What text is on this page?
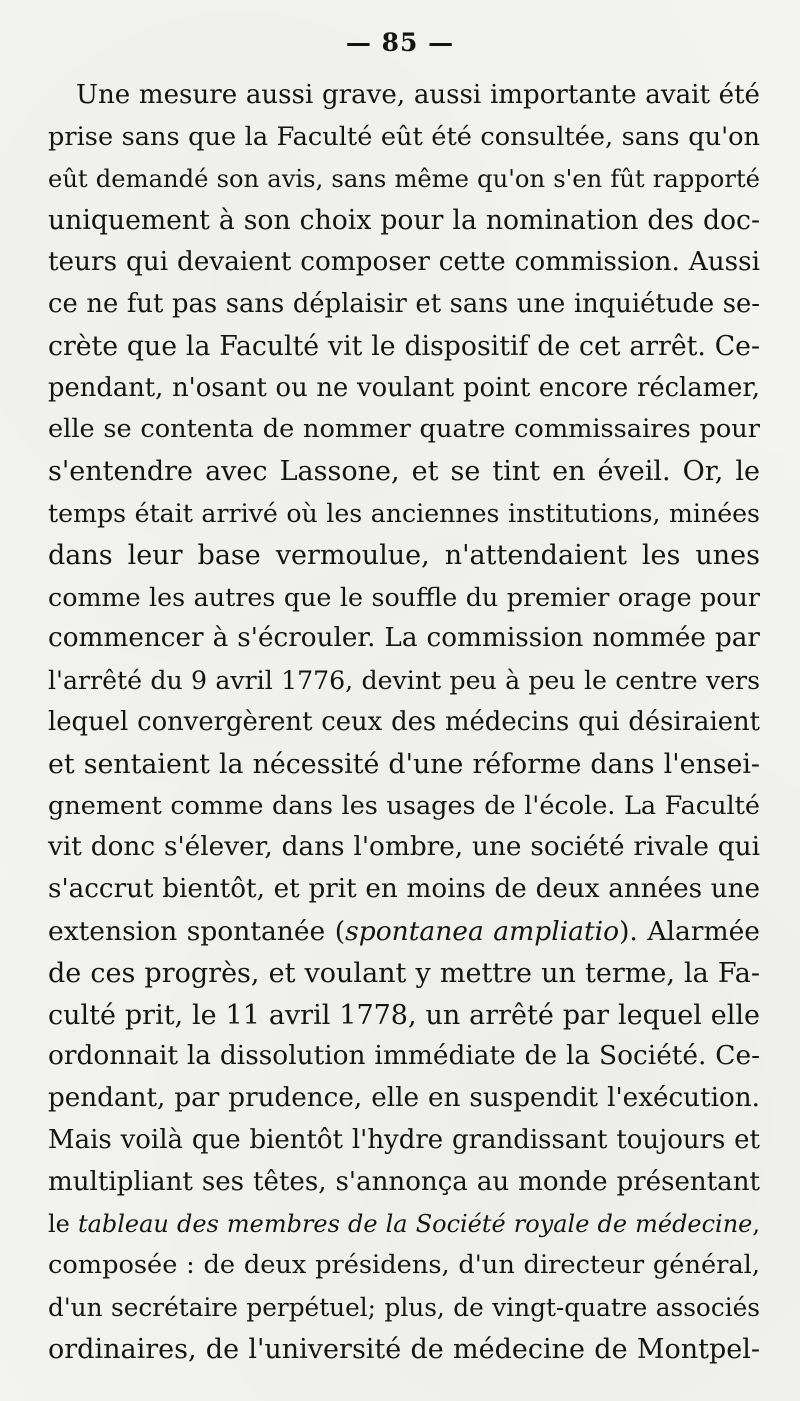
— 85 —
Une mesure aussi grave, aussi importante avait été
prise sans que la Faculté eût été consultée, sans qu'on
eût demandé son avis, sans même qu'on s'en fût rapporté
uniquement à son choix pour la nomination des doc-
teurs qui devaient composer cette commission. Aussi
ce ne fut pas sans déplaisir et sans une inquiétude se-
crète que la Faculté vit le dispositif de cet arrêt. Ce-
pendant, n'osant ou ne voulant point encore réclamer,
elle se contenta de nommer quatre commissaires pour
s'entendre avec Lassone, et se tint en éveil. Or, le
temps était arrivé où les anciennes institutions, minées
dans leur base vermoulue, n'attendaient les unes
comme les autres que le souffle du premier orage pour
commencer à s'écrouler. La commission nommée par
l'arrêté du 9 avril 1776, devint peu à peu le centre vers
lequel convergèrent ceux des médecins qui désiraient
et sentaient la nécessité d'une réforme dans l'ensei-
gnement comme dans les usages de l'école. La Faculté
vit donc s'élever, dans l'ombre, une société rivale qui
s'accrut bientôt, et prit en moins de deux années une
extension spontanée (spontanea ampliatio). Alarmée
de ces progrès, et voulant y mettre un terme, la Fa-
culté prit, le 11 avril 1778, un arrêté par lequel elle
ordonnait la dissolution immédiate de la Société. Ce-
pendant, par prudence, elle en suspendit l'exécution.
Mais voilà que bientôt l'hydre grandissant toujours et
multipliant ses têtes, s'annonça au monde présentant
le tableau des membres de la Société royale de médecine,
composée : de deux présidens, d'un directeur général,
d'un secrétaire perpétuel; plus, de vingt-quatre associés
ordinaires, de l'université de médecine de Montpel-
